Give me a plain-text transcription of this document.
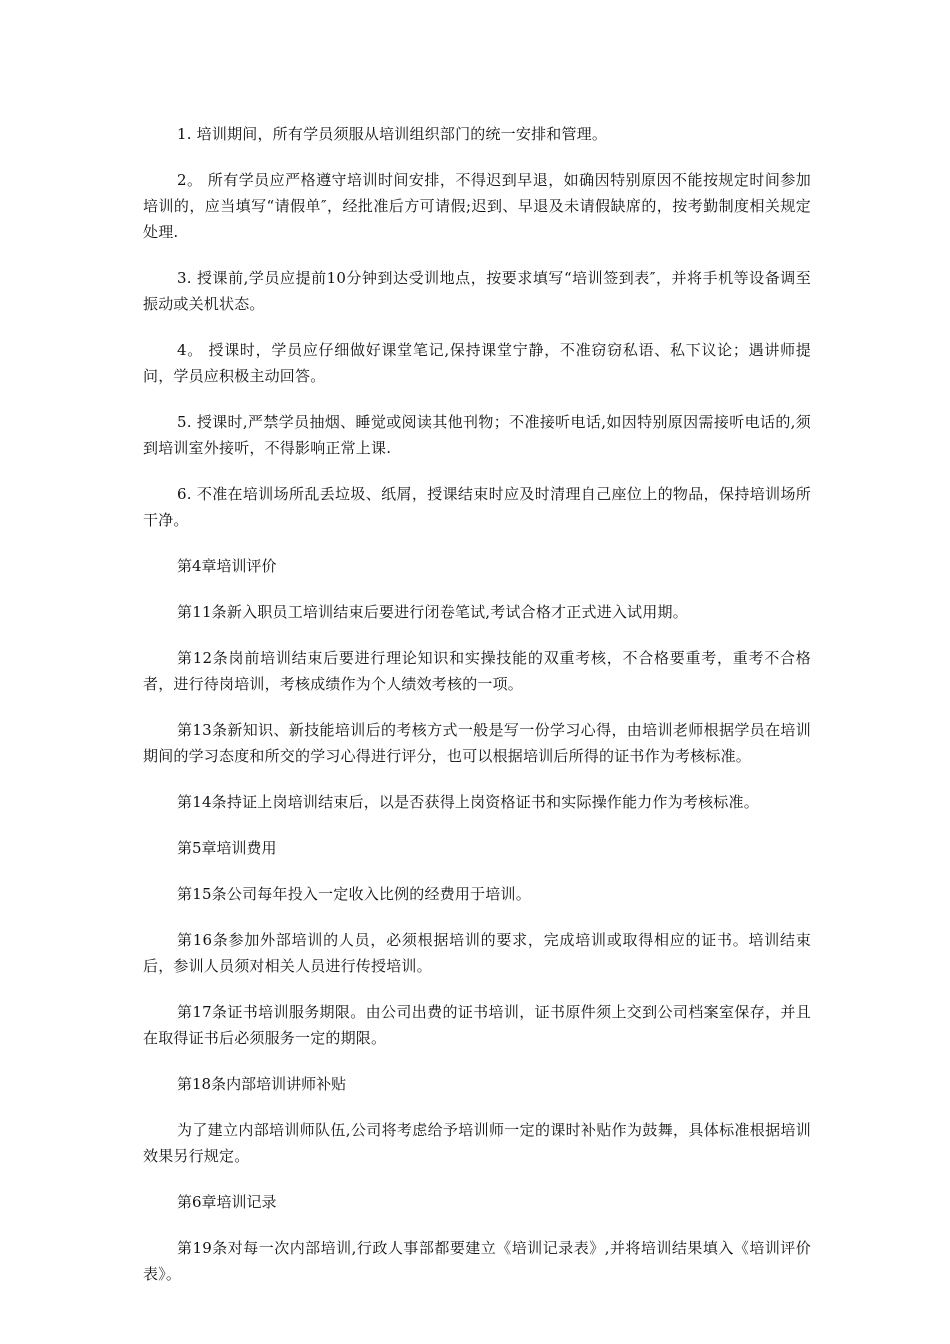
1. 培训期间，所有学员须服从培训组织部门的统一安排和管理。

2。 所有学员应严格遵守培训时间安排，不得迟到早退，如确因特别原因不能按规定时间参加培训的，应当填写“请假单″，经批准后方可请假;迟到、早退及未请假缺席的，按考勤制度相关规定处理.

3. 授课前,学员应提前10分钟到达受训地点，按要求填写“培训签到表″，并将手机等设备调至振动或关机状态。

4。 授课时，学员应仔细做好课堂笔记,保持课堂宁静，不准窃窃私语、私下议论；遇讲师提问，学员应积极主动回答。

5. 授课时,严禁学员抽烟、睡觉或阅读其他刊物；不准接听电话,如因特别原因需接听电话的,须到培训室外接听，不得影响正常上课.

6. 不准在培训场所乱丢垃圾、纸屑，授课结束时应及时清理自己座位上的物品，保持培训场所干净。

第4章培训评价

第11条新入职员工培训结束后要进行闭卷笔试,考试合格才正式进入试用期。

第12条岗前培训结束后要进行理论知识和实操技能的双重考核，不合格要重考，重考不合格者，进行待岗培训，考核成绩作为个人绩效考核的一项。

第13条新知识、新技能培训后的考核方式一般是写一份学习心得，由培训老师根据学员在培训期间的学习态度和所交的学习心得进行评分，也可以根据培训后所得的证书作为考核标准。

第14条持证上岗培训结束后，以是否获得上岗资格证书和实际操作能力作为考核标准。

第5章培训费用

第15条公司每年投入一定收入比例的经费用于培训。

第16条参加外部培训的人员，必须根据培训的要求，完成培训或取得相应的证书。培训结束后，参训人员须对相关人员进行传授培训。

第17条证书培训服务期限。由公司出费的证书培训，证书原件须上交到公司档案室保存，并且在取得证书后必须服务一定的期限。

第18条内部培训讲师补贴

为了建立内部培训师队伍,公司将考虑给予培训师一定的课时补贴作为鼓舞，具体标准根据培训效果另行规定。

第6章培训记录

第19条对每一次内部培训,行政人事部都要建立《培训记录表》,并将培训结果填入《培训评价表》。
